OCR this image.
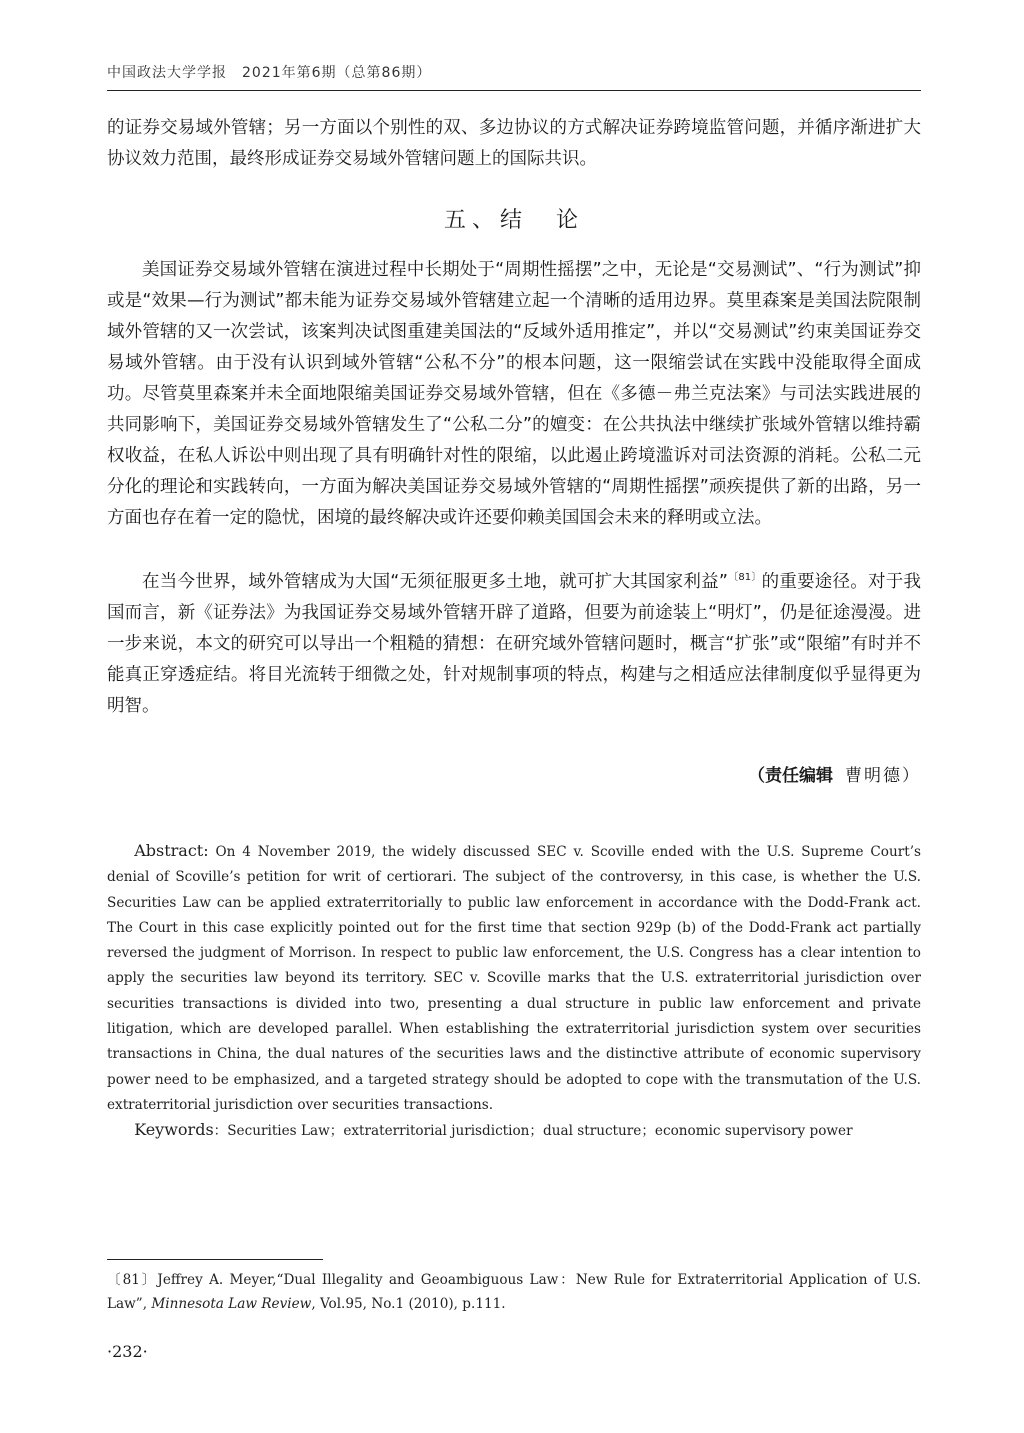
中国政法大学学报　2021年第6期（总第86期）

的证券交易域外管辖；另一方面以个别性的双、多边协议的方式解决证券跨境监管问题，并循序渐进扩大协议效力范围，最终形成证券交易域外管辖问题上的国际共识。

五、结　论

美国证券交易域外管辖在演进过程中长期处于“周期性摇摆”之中，无论是“交易测试”、“行为测试”抑或是“效果—行为测试”都未能为证券交易域外管辖建立起一个清晰的适用边界。莫里森案是美国法院限制域外管辖的又一次尝试，该案判决试图重建美国法的“反域外适用推定”，并以“交易测试”约束美国证券交易域外管辖。由于没有认识到域外管辖“公私不分”的根本问题，这一限缩尝试在实践中没能取得全面成功。尽管莫里森案并未全面地限缩美国证券交易域外管辖，但在《多德－弗兰克法案》与司法实践进展的共同影响下，美国证券交易域外管辖发生了“公私二分”的嬗变：在公共执法中继续扩张域外管辖以维持霸权收益，在私人诉讼中则出现了具有明确针对性的限缩，以此遏止跨境滥诉对司法资源的消耗。公私二元分化的理论和实践转向，一方面为解决美国证券交易域外管辖的“周期性摇摆”顽疾提供了新的出路，另一方面也存在着一定的隐忧，困境的最终解决或许还要仰赖美国国会未来的释明或立法。

在当今世界，域外管辖成为大国“无须征服更多土地，就可扩大其国家利益”$^{〔81〕}$的重要途径。对于我国而言，新《证券法》为我国证券交易域外管辖开辟了道路，但要为前途装上“明灯”，仍是征途漫漫。进一步来说，本文的研究可以导出一个粗糙的猜想：在研究域外管辖问题时，概言“扩张”或“限缩”有时并不能真正穿透症结。将目光流转于细微之处，针对规制事项的特点，构建与之相适应法律制度似乎显得更为明智。

（责任编辑 曹明德）

Abstract: On 4 November 2019, the widely discussed SEC v. Scoville ended with the U.S. Supreme Court’s denial of Scoville’s petition for writ of certiorari. The subject of the controversy, in this case, is whether the U.S. Securities Law can be applied extraterritorially to public law enforcement in accordance with the Dodd-Frank act. The Court in this case explicitly pointed out for the first time that section 929p (b) of the Dodd-Frank act partially reversed the judgment of Morrison. In respect to public law enforcement, the U.S. Congress has a clear intention to apply the securities law beyond its territory. SEC v. Scoville marks that the U.S. extraterritorial jurisdiction over securities transactions is divided into two, presenting a dual structure in public law enforcement and private litigation, which are developed parallel. When establishing the extraterritorial jurisdiction system over securities transactions in China, the dual natures of the securities laws and the distinctive attribute of economic supervisory power need to be emphasized, and a targeted strategy should be adopted to cope with the transmutation of the U.S. extraterritorial jurisdiction over securities transactions.

Keywords：Securities Law；extraterritorial jurisdiction；dual structure；economic supervisory power

〔81〕Jeffrey A. Meyer,“Dual Illegality and Geoambiguous Law：New Rule for Extraterritorial Application of U.S. Law”, Minnesota Law Review, Vol.95, No.1 (2010), p.111.

·232·
